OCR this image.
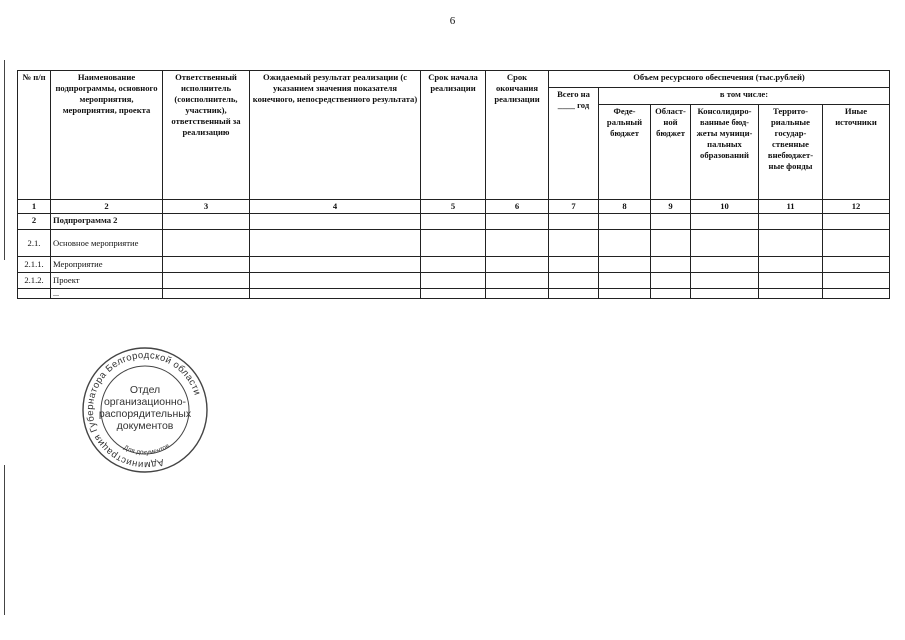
6
№ п/п	Наименование подпрограммы, основного мероприятия, мероприятия, проекта	Ответственный исполнитель (соисполнитель, участник), ответственный за реализацию	Ожидаемый результат реализации (с указанием значения показателя конечного, непосредственного результата)	Срок начала реализации	Срок окончания реализации	Объем ресурсного обеспечения (тыс.рублей)					
						Всего на ____ год	в том числе:				
							Феде-ральный бюджет	Област-ной бюджет	Консолидиро-ванные бюд-жеты муници-пальных образований	Террито-риальные государ-ственные внебюджет-ные фонды	Иные источники
1	2	3	4	5	6	7	8	9	10	11	12
2	Подпрограмма 2										
2.1.	Основное мероприятие										
2.1.1.	Мероприятие										
2.1.2.	Проект										
	...										
Администрация Губернатора Белгородской области
Отдел
организационно-
распорядительных
документов
Для документов
